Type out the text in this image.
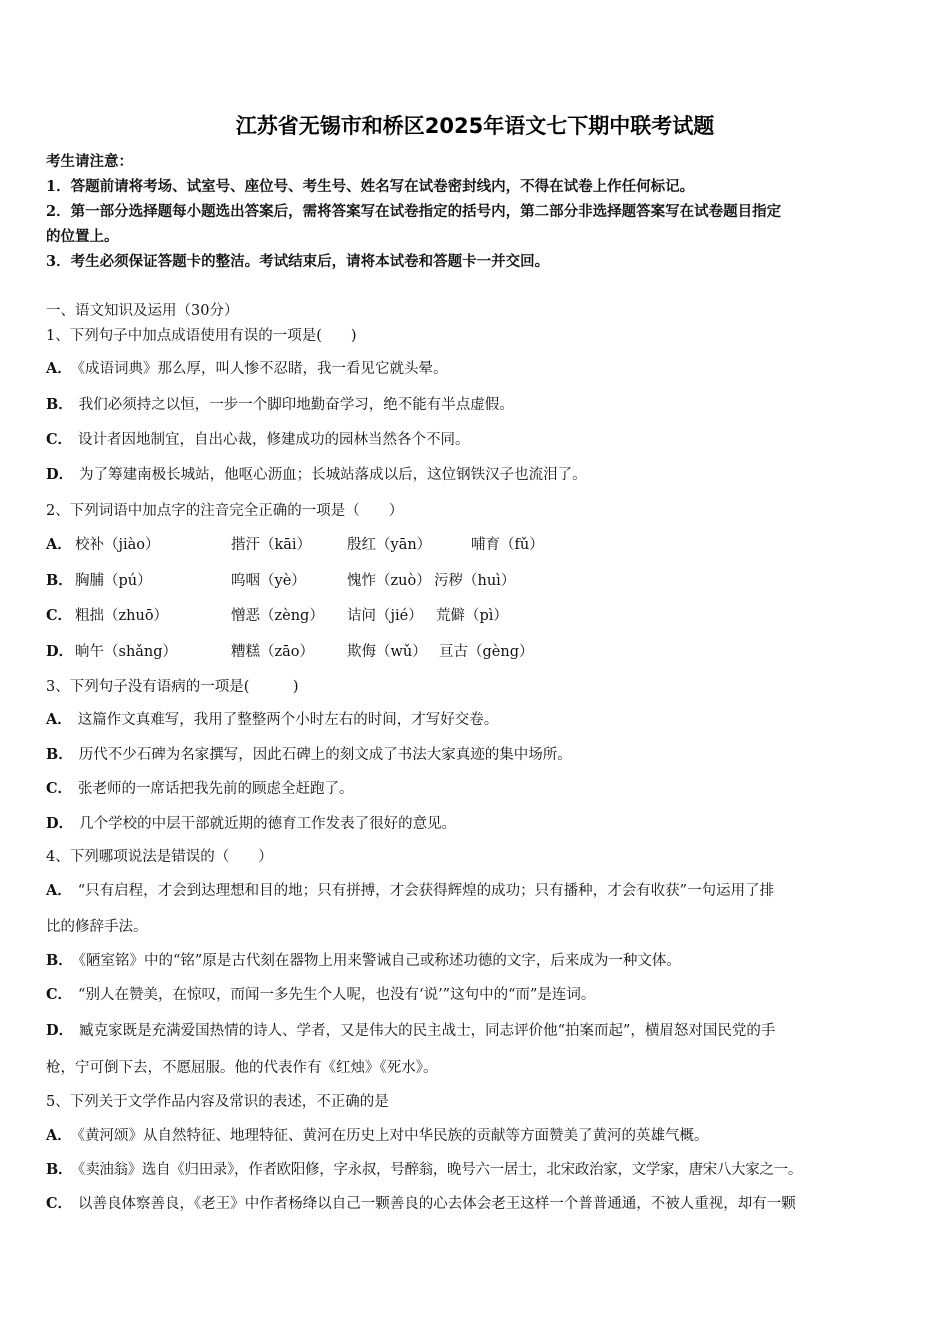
江苏省无锡市和桥区2025年语文七下期中联考试题
考生请注意：
1．答题前请将考场、试室号、座位号、考生号、姓名写在试卷密封线内，不得在试卷上作任何标记。
2．第一部分选择题每小题选出答案后，需将答案写在试卷指定的括号内，第二部分非选择题答案写在试卷题目指定
的位置上。
3．考生必须保证答题卡的整洁。考试结束后，请将本试卷和答题卡一并交回。
一、语文知识及运用（30分）
1、下列句子中加点成语使用有误的一项是(　　)
A． 《成语词典》那么厚，叫人惨不忍睹，我一看见它就头晕。
B． 我们必须持之以恒，一步一个脚印地勤奋学习，绝不能有半点虚假。
C． 设计者因地制宜，自出心裁，修建成功的园林当然各个不同。
D． 为了筹建南极长城站，他呕心沥血；长城站落成以后，这位钢铁汉子也流泪了。
2、下列词语中加点字的注音完全正确的一项是（　　）
A． 校补（jiào）	揩汗（kāi） 殷红（yān）	哺育（fǔ）
B． 胸脯（pú）	呜咽（yè）	愧怍（zuò） 污秽（huì）
C． 粗拙（zhuō）	憎恶（zèng） 诘问（jié） 荒僻（pì）
D． 晌午（shǎng）	糟糕（zāo） 欺侮（wǔ） 亘古（gèng）
3、下列句子没有语病的一项是(　　　)
A． 这篇作文真难写，我用了整整两个小时左右的时间，才写好交卷。
B． 历代不少石碑为名家撰写，因此石碑上的刻文成了书法大家真迹的集中场所。
C． 张老师的一席话把我先前的顾虑全赶跑了。
D． 几个学校的中层干部就近期的德育工作发表了很好的意见。
4、下列哪项说法是错误的（　　）
A． “只有启程，才会到达理想和目的地；只有拼搏，才会获得辉煌的成功；只有播种，才会有收获”一句运用了排
比的修辞手法。
B． 《陋室铭》中的“铭”原是古代刻在器物上用来警诫自己或称述功德的文字，后来成为一种文体。
C． “别人在赞美，在惊叹，而闻一多先生个人呢，也没有‘说’”这句中的“而”是连词。
D． 臧克家既是充满爱国热情的诗人、学者，又是伟大的民主战士，同志评价他“拍案而起”，横眉怒对国民党的手
枪，宁可倒下去，不愿屈服。他的代表作有《红烛》《死水》。
5、下列关于文学作品内容及常识的表述，不正确的是
A． 《黄河颂》从自然特征、地理特征、黄河在历史上对中华民族的贡献等方面赞美了黄河的英雄气概。
B． 《卖油翁》选自《归田录》，作者欧阳修，字永叔，号醉翁，晚号六一居士，北宋政治家，文学家，唐宋八大家之一。
C． 以善良体察善良，《老王》中作者杨绛以自己一颗善良的心去体会老王这样一个普普通通，不被人重视，却有一颗
